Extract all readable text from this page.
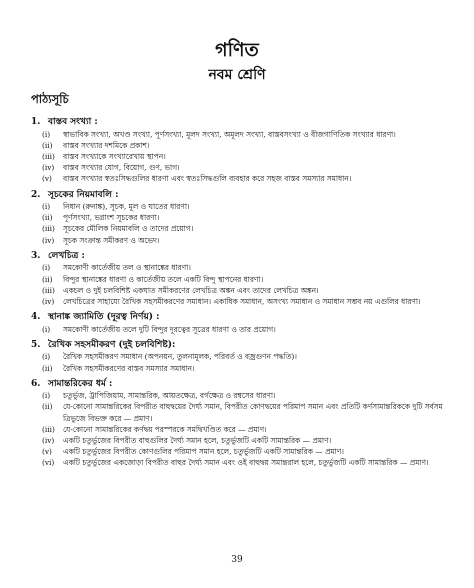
গণিত
নবম শ্রেণি
পাঠ্যসূচি
1. বাস্তব সংখ্যা :
(i)	স্বাভাবিক সংখ্যা, অখণ্ড সংখ্যা, পূর্ণসংখ্যা, মূলদ সংখ্যা, অমূলদ সংখ্যা, বাস্তবসংখ্যা ও বীজগাণিতিক সংখ্যার ধারণা।
(ii)	বাস্তব সংখ্যার দশমিকে প্রকাশ।
(iii)	বাস্তব সংখ্যাকে সংখ্যারেখায় স্থাপন।
(iv)	বাস্তব সংখ্যার যোগ, বিয়োগ, গুণ, ভাগ।
(v)	বাস্তব সংখ্যার স্বতঃসিদ্ধগুলির ধারণা এবং স্বতঃসিদ্ধগুলি ব্যবহার করে সহজ বাস্তব সমস্যার সমাধান।
2. সূচকের নিয়মাবলি :
(i)	নিধান (রুনাঙ্ক), সূচক, মূল ও ঘাতের ধারণা।
(ii)	পূর্ণসংখ্যা, ভগ্নাংশ সূচকের ধারণা।
(iii)	সূচকের মৌলিক নিয়মাবলি ও তাদের প্রয়োগ।
(iv)	সূচক সংক্রান্ত সমীকরণ ও অভেদ।
3. লেখচিত্র :
(i)	সমকোণী কার্তেজীয় তল ও স্থানাঙ্কের ধারণা।
(ii)	বিন্দুর স্থানাঙ্কের ধারণা ও কার্তেজীয় তলে একটি বিন্দু স্থাপনের ধারণা।
(iii)	একচল ও দুই চলবিশিষ্ট একঘাত সমীকরণের লেখচিত্র অঙ্কন এবং তাদের লেখচিত্র অঙ্কন।
(iv)	লেখচিত্রের সাহায্যে রৈখিক সহসমীকরণের সমাধান। একাধিক সমাধান, অসংখ্য সমাধান ও সমাধান সম্ভব নয় এগুলির ধারণা।
4. স্থানাঙ্ক জ্যামিতি (দূরত্ব নির্ণয়) :
(i)	সমকোণী কার্তেজীয় তলে দুটি বিন্দুর দূরত্বের সূত্রের ধারণা ও তার প্রয়োগ।
5. রৈখিক সহসমীকরণ (দুই চলবিশিষ্ট):
(i)	রৈখিক সহসমীকরণ সমাধান (অপনয়ন, তুলনামূলক, পরিবর্ত ও বজ্রগুণন পদ্ধতি)।
(ii)	রৈখিক সহসমীকরণের বাস্তব সমস্যার সমাধান।
6. সামান্তরিকের ধর্ম :
(i)	চতুর্ভুজ, ট্রাপিজিয়াম, সামান্তরিক, আয়তক্ষেত্র, বর্গক্ষেত্র ও রম্বসের ধারণা।
(ii)	যে-কোনো সামান্তরিকের বিপরীত বাহুদ্বয়ের দৈর্ঘ্য সমান, বিপরীত কোণদ্বয়ের পরিমাপ সমান এবং প্রতিটি কর্ণসামান্তরিককে দুটি সর্বসম ত্রিভুজে বিভক্ত করে — প্রমাণ।
(iii)	যে-কোনো সামান্তরিকের কর্ণদ্বয় পরস্পরকে সমদ্বিখণ্ডিত করে — প্রমাণ।
(iv)	একটি চতুর্ভুজের বিপরীত বাহুগুলির দৈর্ঘ্য সমান হলে, চতুর্ভুজটি একটি সামান্তরিক — প্রমাণ।
(v)	একটি চতুর্ভুজের বিপরীত কোণগুলির পরিমাপ সমান হলে, চতুর্ভুজটি একটি সামান্তরিক — প্রমাণ।
(vi)	একটি চতুর্ভুজের একজোড়া বিপরীত বাহুর দৈর্ঘ্য সমান এবং ওই বাহুদ্বয় সমান্তরাল হলে, চতুর্ভুজটি একটি সামান্তরিক — প্রমাণ।
39
